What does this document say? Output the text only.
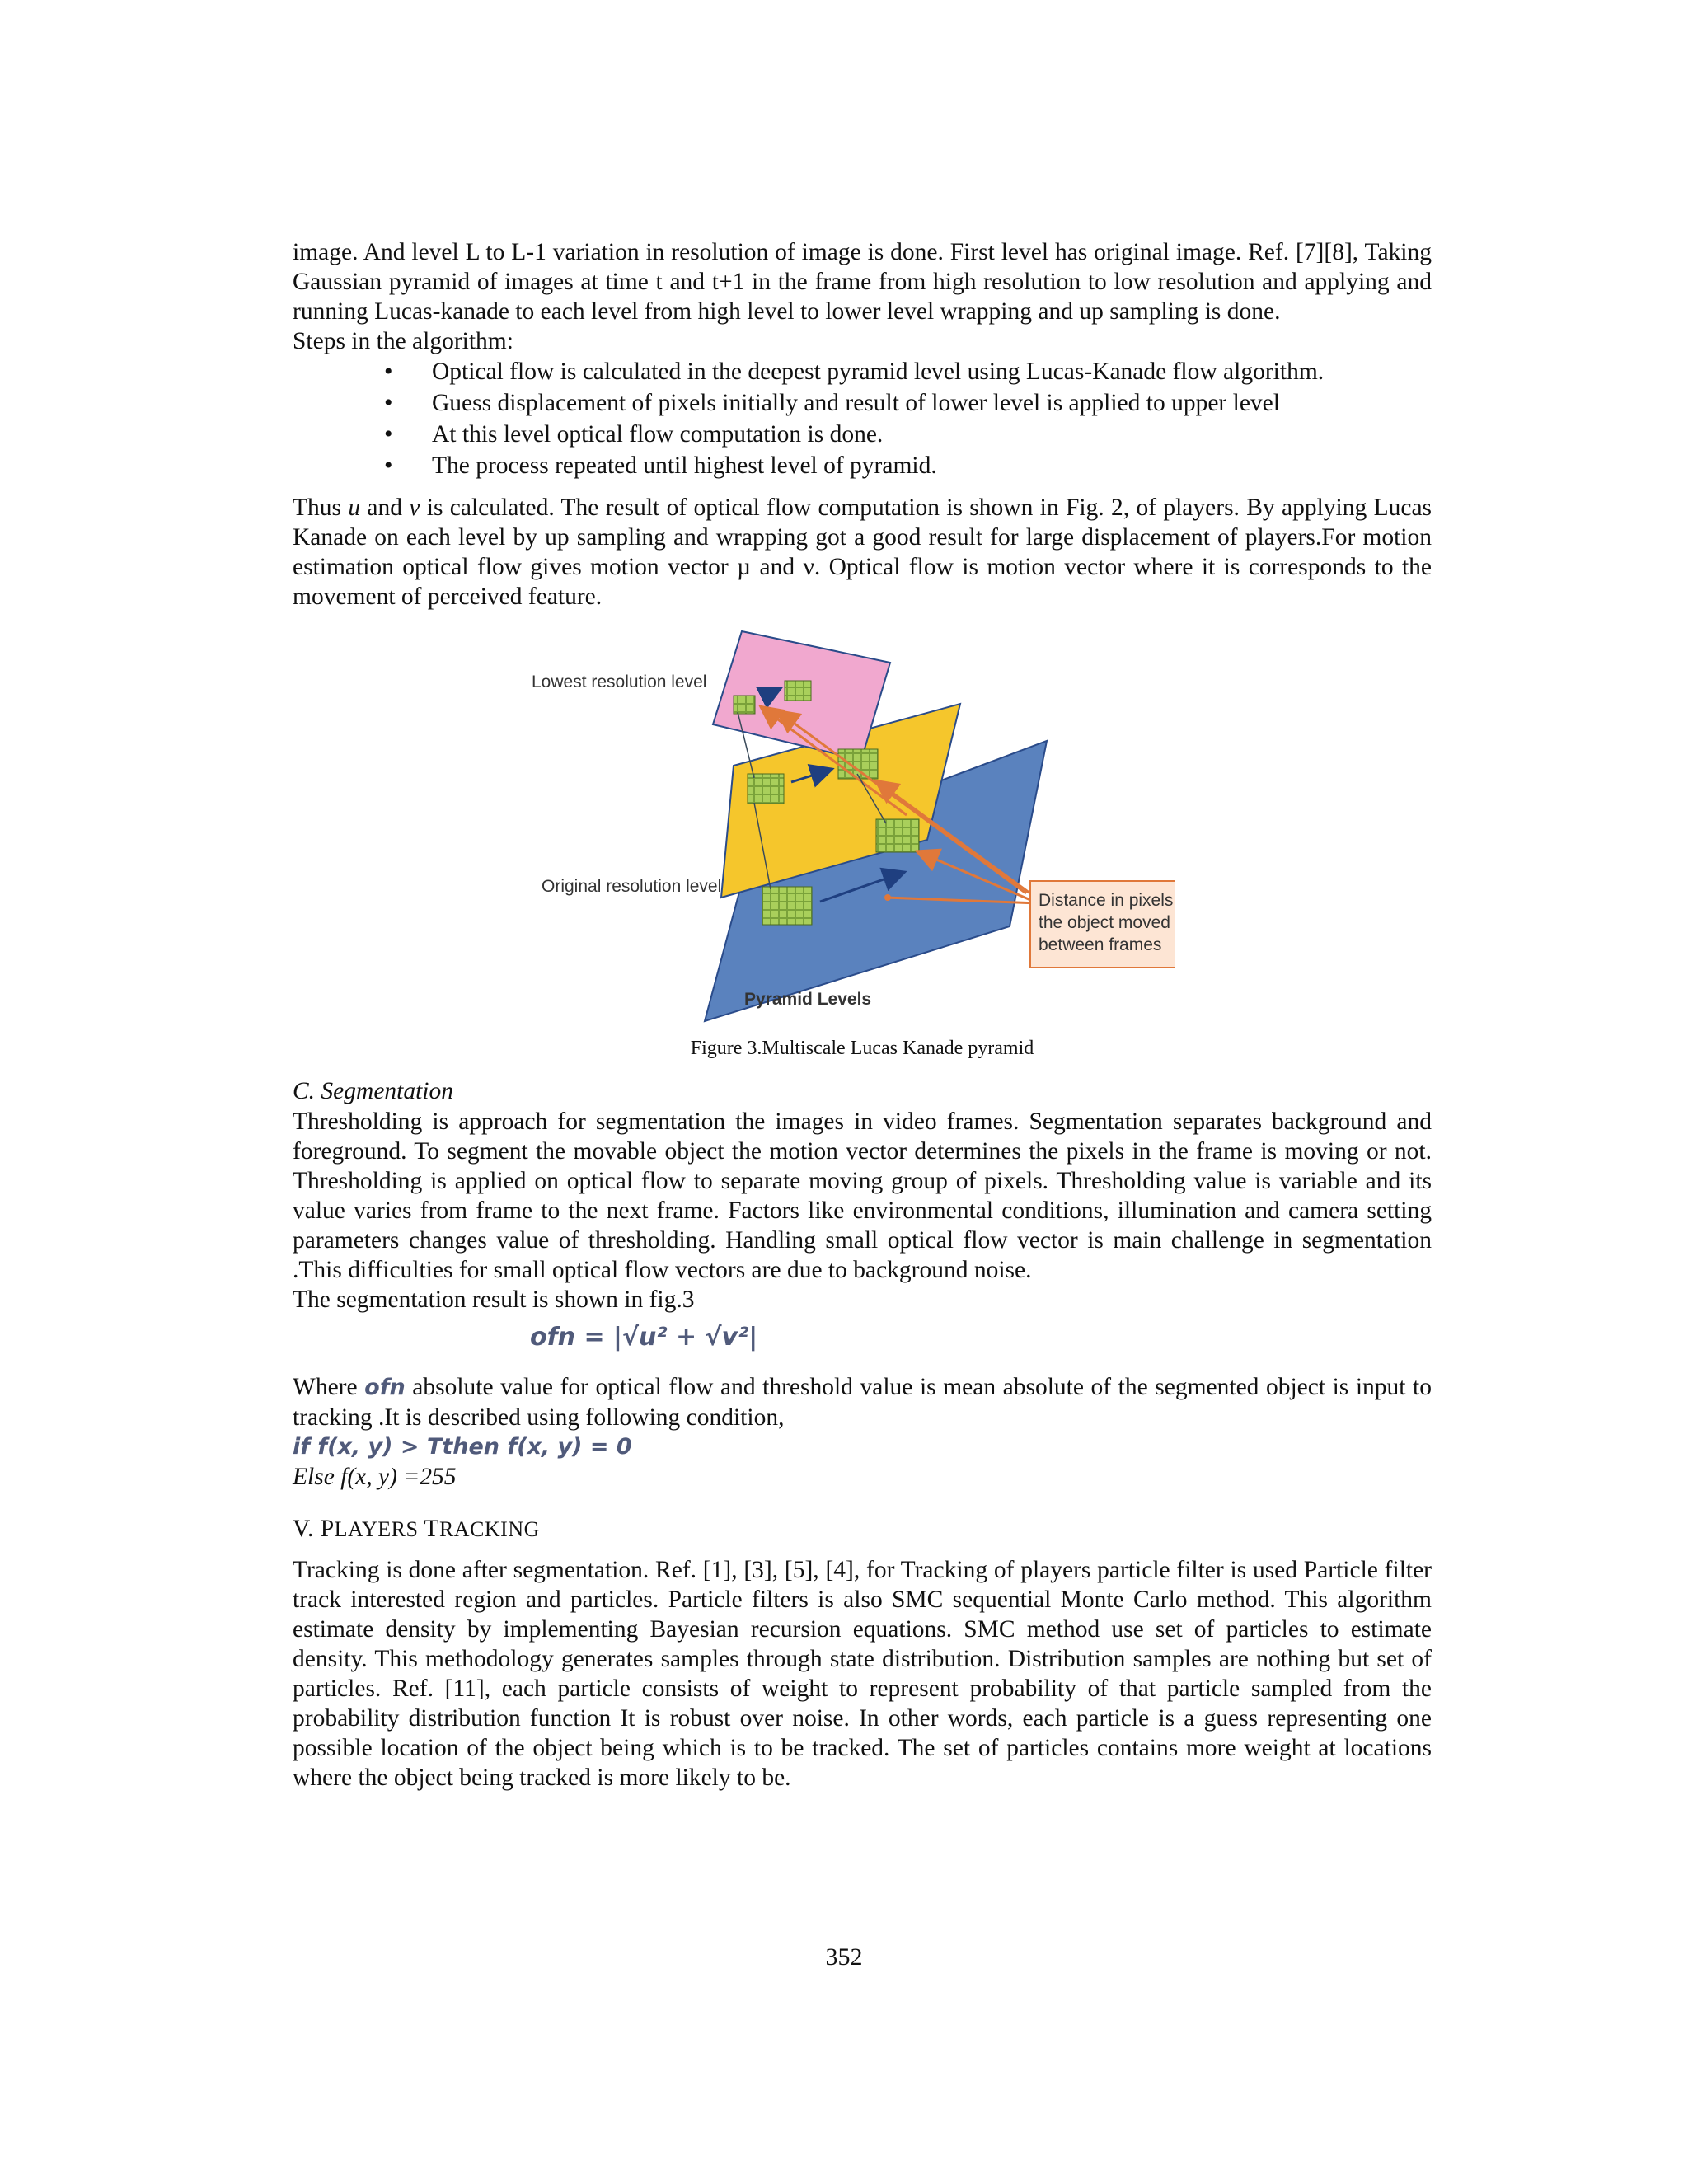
image. And level L to L-1 variation in resolution of image is done. First level has original image. Ref. [7][8], Taking Gaussian pyramid of images at time t and t+1 in the frame from high resolution to low resolution and applying and running Lucas-kanade to each level from high level to lower level wrapping and up sampling is done.

Steps in the algorithm:

• Optical flow is calculated in the deepest pyramid level using Lucas-Kanade flow algorithm.
• Guess displacement of pixels initially and result of lower level is applied to upper level
• At this level optical flow computation is done.
• The process repeated until highest level of pyramid.

Thus u and v is calculated. The result of optical flow computation is shown in Fig. 2, of players. By applying Lucas Kanade on each level by up sampling and wrapping got a good result for large displacement of players.For motion estimation optical flow gives motion vector µ and ν. Optical flow is motion vector where it is corresponds to the movement of perceived feature.

Distance in pixels
the object moved
between frames
Lowest resolution level
Original resolution level
Pyramid Levels

Figure 3.Multiscale Lucas Kanade pyramid

C. Segmentation

Thresholding is approach for segmentation the images in video frames. Segmentation separates background and foreground. To segment the movable object the motion vector determines the pixels in the frame is moving or not. Thresholding is applied on optical flow to separate moving group of pixels. Thresholding value is variable and its value varies from frame to the next frame. Factors like environmental conditions, illumination and camera setting parameters changes value of thresholding. Handling small optical flow vector is main challenge in segmentation .This difficulties for small optical flow vectors are due to background noise.

The segmentation result is shown in fig.3

ofn = |√u² + √v²|

Where ofn absolute value for optical flow and threshold value is mean absolute of the segmented object is input to tracking .It is described using following condition,

if f(x, y) > Tthen f(x, y) = 0

Else f(x, y) =255

V. PLAYERS TRACKING

Tracking is done after segmentation. Ref. [1], [3], [5], [4], for Tracking of players particle filter is used Particle filter track interested region and particles. Particle filters is also SMC sequential Monte Carlo method. This algorithm estimate density by implementing Bayesian recursion equations. SMC method use set of particles to estimate density. This methodology generates samples through state distribution. Distribution samples are nothing but set of particles. Ref. [11], each particle consists of weight to represent probability of that particle sampled from the probability distribution function It is robust over noise. In other words, each particle is a guess representing one possible location of the object being which is to be tracked. The set of particles contains more weight at locations where the object being tracked is more likely to be.

352
